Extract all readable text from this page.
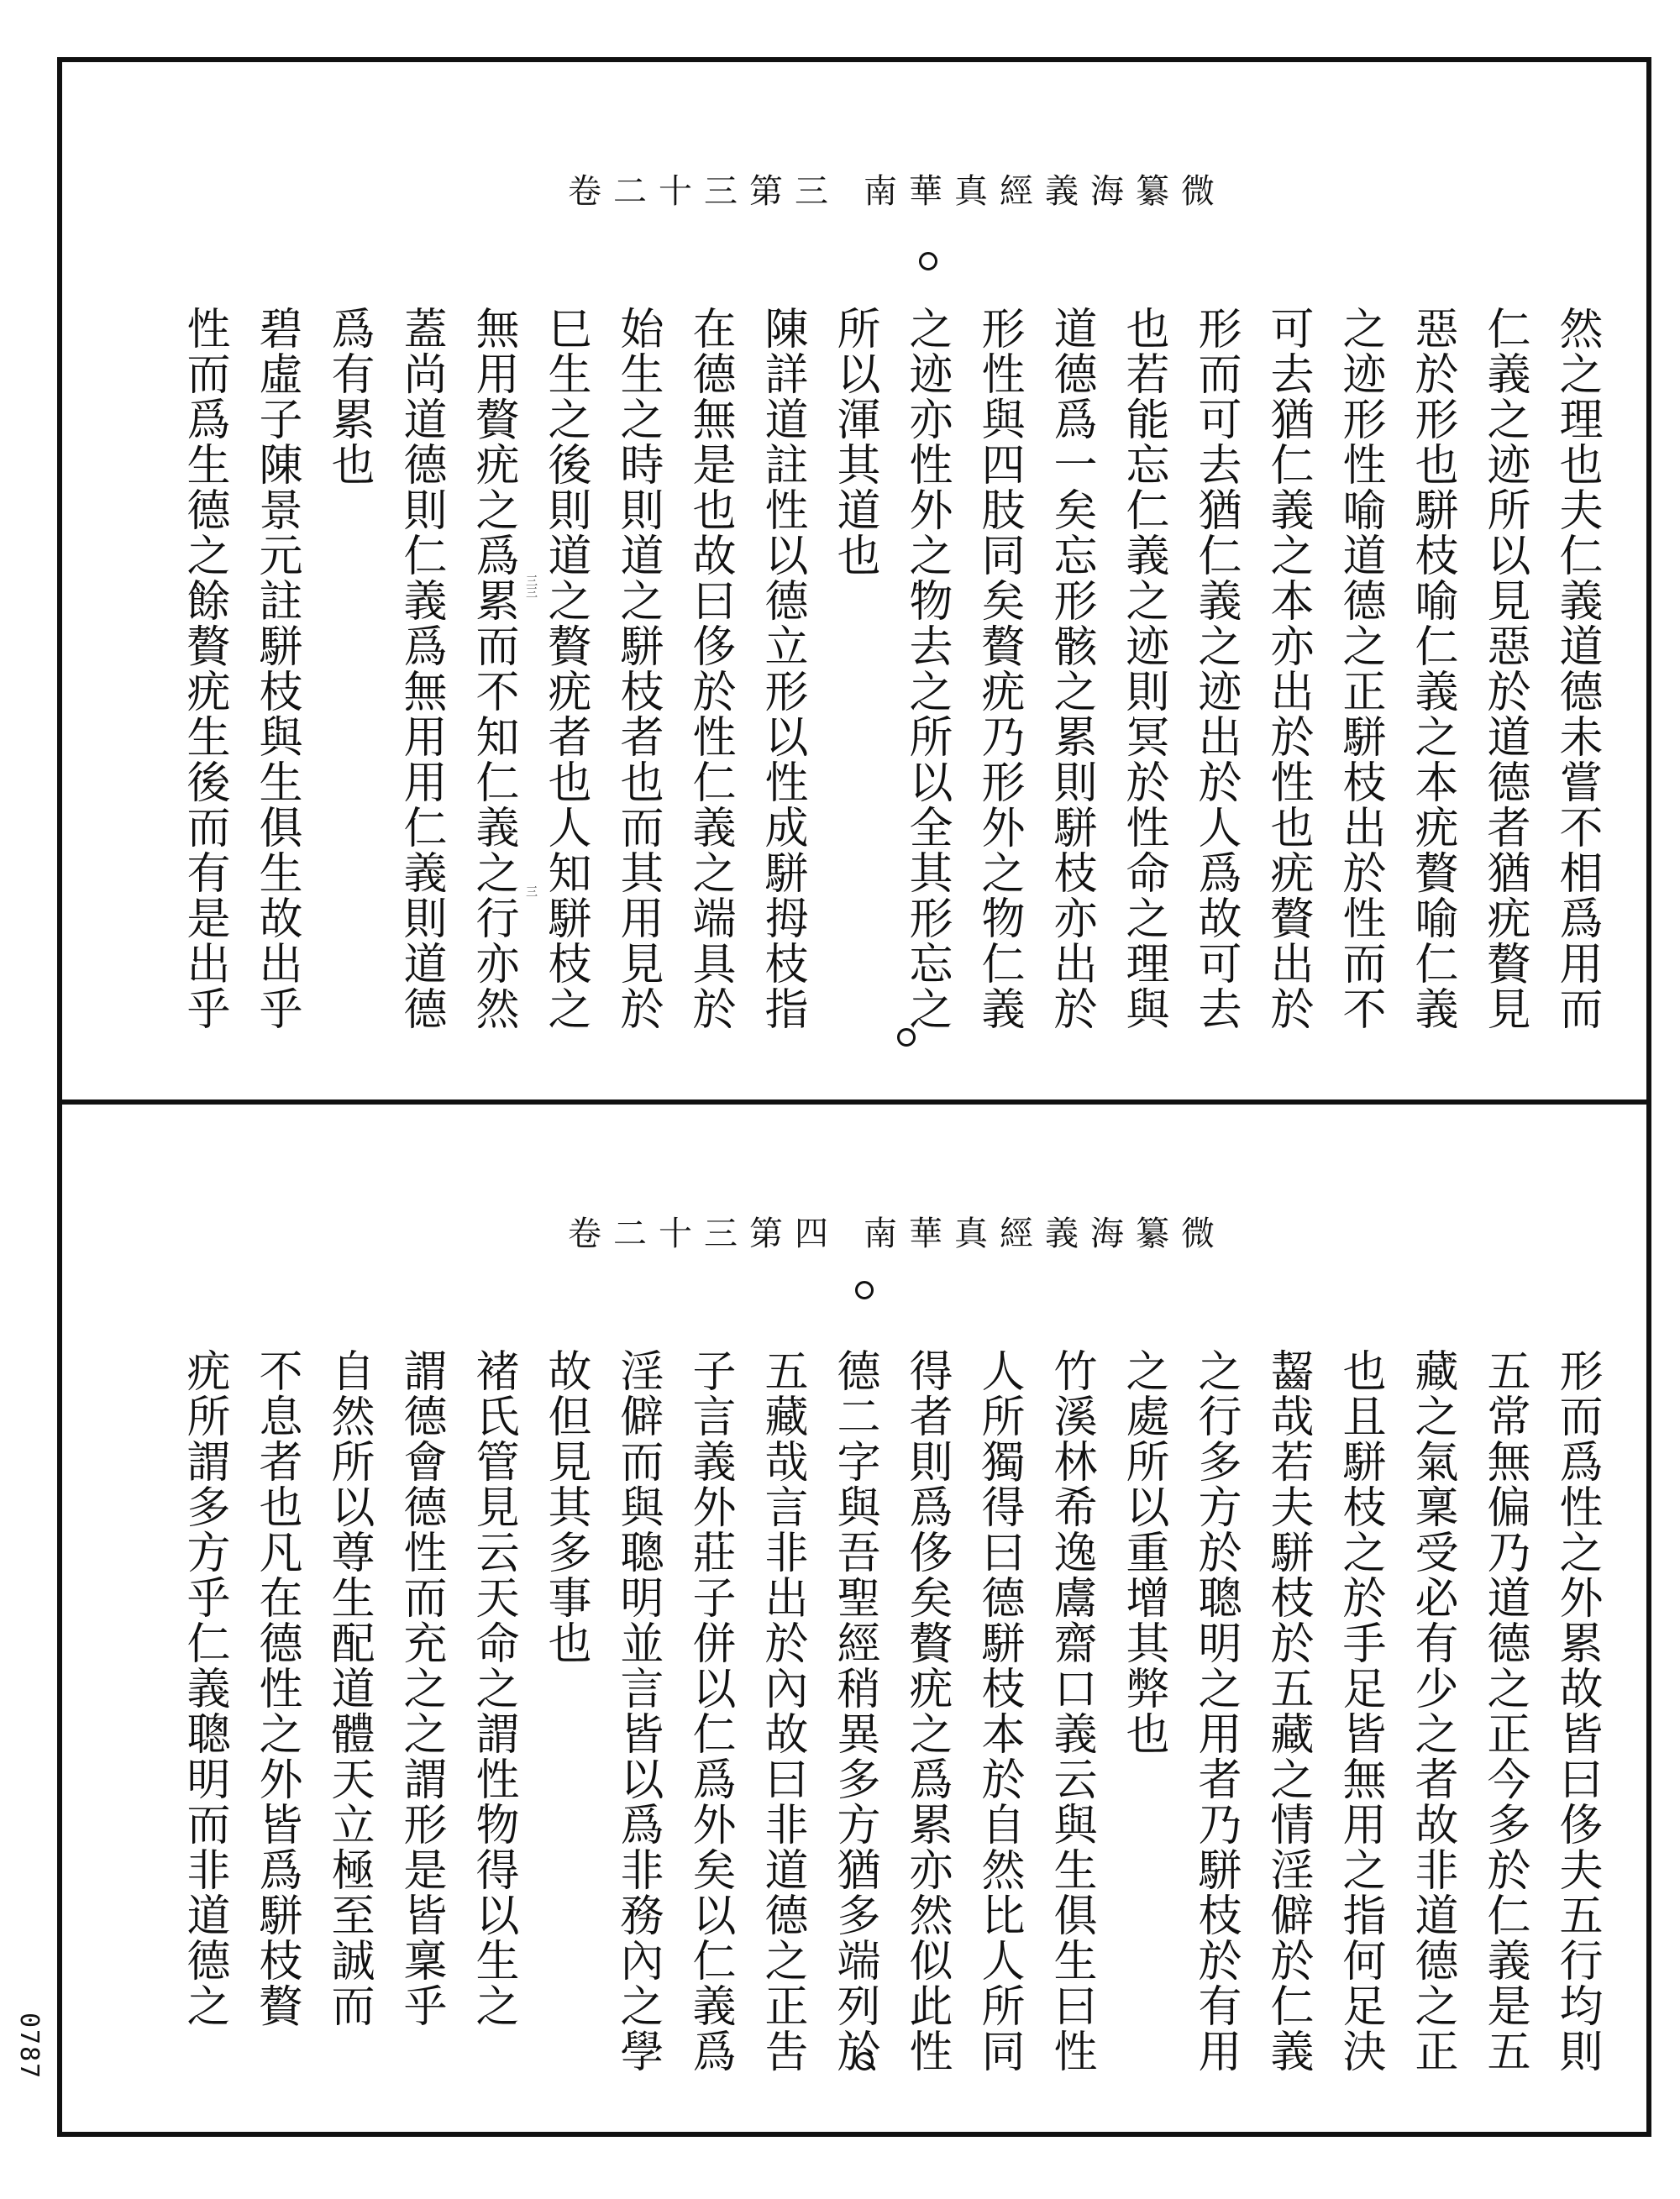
南華真經義海纂微
卷二十三第三
三三
三	然之理也夫仁義道德未嘗不相爲用而
仁義之迹所以見惡於道德者猶疣贅見
惡於形也駢枝喻仁義之本疣贅喻仁義
之迹形性喻道德之正駢枝出於性而不
可去猶仁義之本亦出於性也疣贅出於
形而可去猶仁義之迹出於人爲故可去
也若能忘仁義之迹則冥於性命之理與
道德爲一矣忘形骸之累則駢枝亦出於
形性與四肢同矣贅疣乃形外之物仁義
之迹亦性外之物去之所以全其形忘之
所以渾其道也
陳詳道註性以德立形以性成駢拇枝指
在德無是也故曰侈於性仁義之端具於
始生之時則道之駢枝者也而其用見於
巳生之後則道之贅疣者也人知駢枝之
無用贅疣之爲累而不知仁義之行亦然
蓋尚道德則仁義爲無用用仁義則道德
爲有累也
碧虛子陳景元註駢枝與生俱生故出乎
性而爲生德之餘贅疣生後而有是出乎
南華真經義海纂微
卷二十三第四
形而爲性之外累故皆曰侈夫五行均則
五常無偏乃道德之正今多於仁義是五
藏之氣稟受必有少之者故非道德之正
也且駢枝之於手足皆無用之指何足決
齧哉若夫駢枝於五藏之情淫僻於仁義
之行多方於聰明之用者乃駢枝於有用
之處所以重增其弊也
竹溪林希逸鬳齋口義云與生俱生曰性
人所獨得曰德駢枝本於自然比人所同
得者則爲侈矣贅疣之爲累亦然似此性
德二字與吾聖經稍異多方猶多端列於
五藏哉言非出於內故曰非道德之正吿
子言義外莊子併以仁爲外矣以仁義爲
淫僻而與聰明並言皆以爲非務內之學
故但見其多事也
褚氏管見云天命之謂性物得以生之
謂德會德性而充之之謂形是皆稟乎
自然所以尊生配道體天立極至誠而
不息者也凡在德性之外皆爲駢枝贅
疣所謂多方乎仁義聰明而非道德之
0787
